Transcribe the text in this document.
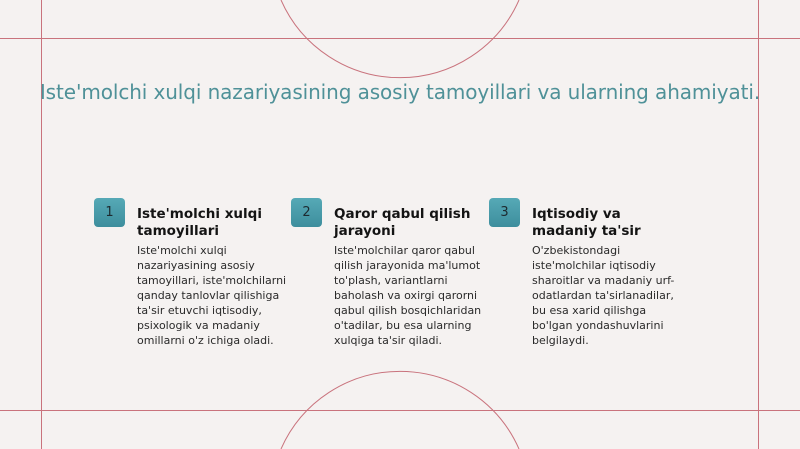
Iste'molchi xulqi nazariyasining asosiy tamoyillari va ularning ahamiyati.
1	Iste'molchi xulqi tamoyillari
Iste'molchi xulqi nazariyasining asosiy tamoyillari, iste'molchilarni qanday tanlovlar qilishiga ta'sir etuvchi iqtisodiy, psixologik va madaniy omillarni o'z ichiga oladi.
2	Qaror qabul qilish jarayoni
Iste'molchilar qaror qabul qilish jarayonida ma'lumot to'plash, variantlarni baholash va oxirgi qarorni qabul qilish bosqichlaridan o'tadilar, bu esa ularning xulqiga ta'sir qiladi.
3	Iqtisodiy va madaniy ta'sir
O'zbekistondagi iste'molchilar iqtisodiy sharoitlar va madaniy urf-odatlardan ta'sirlanadilar, bu esa xarid qilishga bo'lgan yondashuvlarini belgilaydi.
